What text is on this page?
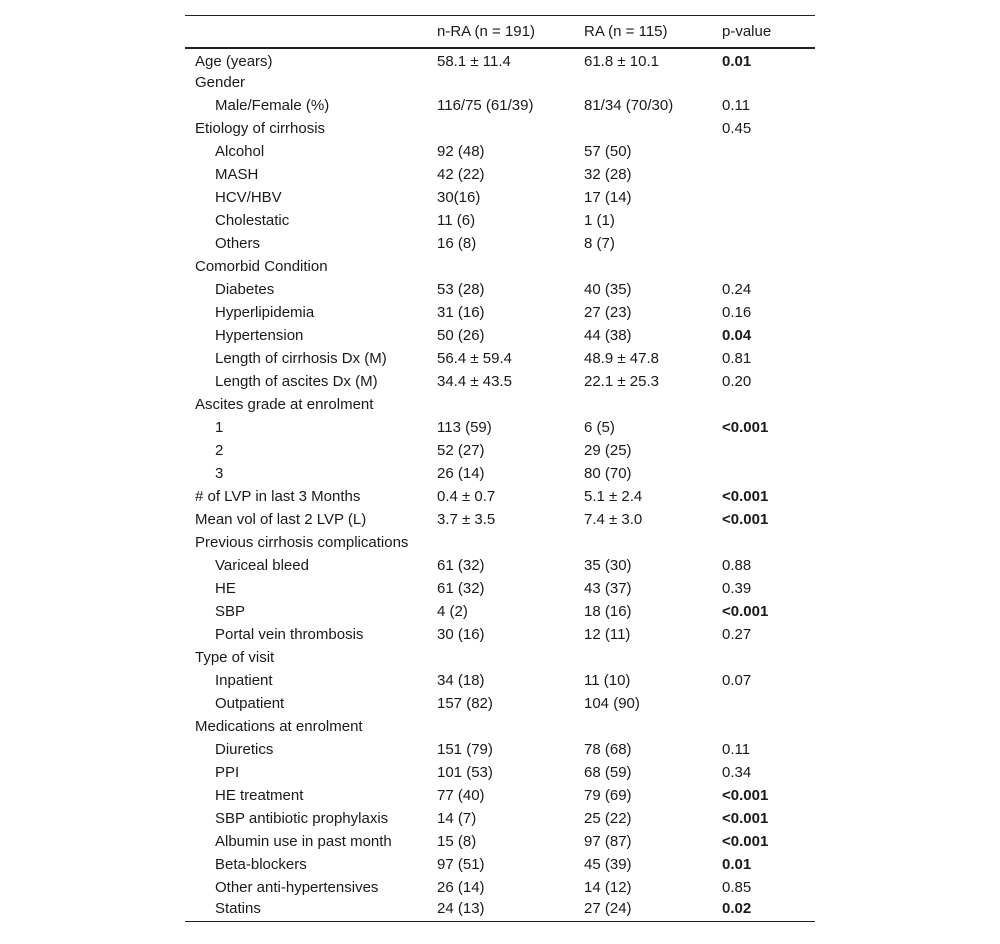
	n-RA (n = 191)	RA (n = 115)	p-value
Age (years)	58.1 ± 11.4	61.8 ± 10.1	0.01
Gender			
Male/Female (%)	116/75 (61/39)	81/34 (70/30)	0.11
Etiology of cirrhosis			0.45
Alcohol	92 (48)	57 (50)	
MASH	42 (22)	32 (28)	
HCV/HBV	30(16)	17 (14)	
Cholestatic	11 (6)	1 (1)	
Others	16 (8)	8 (7)	
Comorbid Condition			
Diabetes	53 (28)	40 (35)	0.24
Hyperlipidemia	31 (16)	27 (23)	0.16
Hypertension	50 (26)	44 (38)	0.04
Length of cirrhosis Dx (M)	56.4 ± 59.4	48.9 ± 47.8	0.81
Length of ascites Dx (M)	34.4 ± 43.5	22.1 ± 25.3	0.20
Ascites grade at enrolment			
1	113 (59)	6 (5)	<0.001
2	52 (27)	29 (25)	
3	26 (14)	80 (70)	
# of LVP in last 3 Months	0.4 ± 0.7	5.1 ± 2.4	<0.001
Mean vol of last 2 LVP (L)	3.7 ± 3.5	7.4 ± 3.0	<0.001
Previous cirrhosis complications			
Variceal bleed	61 (32)	35 (30)	0.88
HE	61 (32)	43 (37)	0.39
SBP	4 (2)	18 (16)	<0.001
Portal vein thrombosis	30 (16)	12 (11)	0.27
Type of visit			
Inpatient	34 (18)	11 (10)	0.07
Outpatient	157 (82)	104 (90)	
Medications at enrolment			
Diuretics	151 (79)	78 (68)	0.11
PPI	101 (53)	68 (59)	0.34
HE treatment	77 (40)	79 (69)	<0.001
SBP antibiotic prophylaxis	14 (7)	25 (22)	<0.001
Albumin use in past month	15 (8)	97 (87)	<0.001
Beta-blockers	97 (51)	45 (39)	0.01
Other anti-hypertensives	26 (14)	14 (12)	0.85
Statins	24 (13)	27 (24)	0.02
